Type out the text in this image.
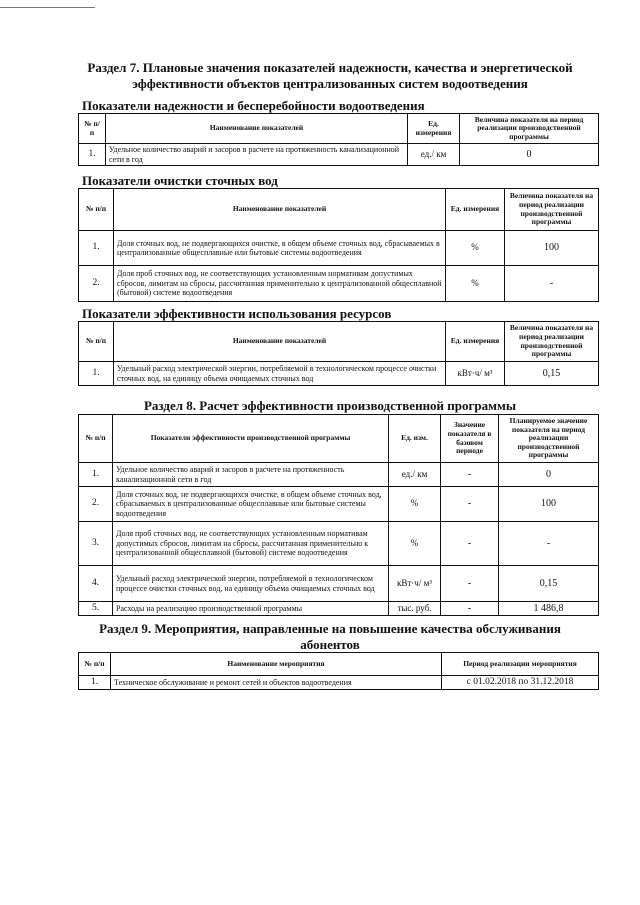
Раздел 7. Плановые значения показателей надежности, качества и энергетической
эффективности объектов централизованных систем водоотведения
Показатели надежности и бесперебойности водоотведения
№ п/п	Наименование показателей	Ед. измерения	Величина показателя на период реализации производственной программы
1.	Удельное количество аварий и засоров в расчете на протяженность канализационной сети в год	ед./ км	0
Показатели очистки сточных вод
№ п/п	Наименование показателей	Ед. измерения	Величина показателя на период реализации производственной программы
1.	Доля сточных вод, не подвергающихся очистке, в общем объеме сточных вод, сбрасываемых в централизованные общесплавные или бытовые системы водоотведения	%	100
2.	Доля проб сточных вод, не соответствующих установленным нормативам допустимых сбросов, лимитам на сбросы, рассчитанная применительно к централизованной общесплавной (бытовой) системе водоотведения	%	-
Показатели эффективности использования ресурсов
№ п/п	Наименование показателей	Ед. измерения	Величина показателя на период реализации производственной программы
1.	Удельный расход электрической энергии, потребляемой в технологическом процессе очистки сточных вод, на единицу объема очищаемых сточных вод	кВт·ч/ м³	0,15
Раздел 8. Расчет эффективности производственной программы
№ п/п	Показатели эффективности производственной программы	Ед. изм.	Значение показателя в базовом периоде	Планируемое значение показателя на период реализации производственной программы
1.	Удельное количество аварий и засоров в расчете на протяженность канализационной сети в год	ед./ км	-	0
2.	Доля сточных вод, не подвергающихся очистке, в общем объеме сточных вод, сбрасываемых в централизованные общесплавные или бытовые системы водоотведения	%	-	100
3.	Доля проб сточных вод, не соответствующих установленным нормативам допустимых сбросов, лимитам на сбросы, рассчитанная применительно к централизованной общесплавной (бытовой) системе водоотведения	%	-	-
4.	Удельный расход электрической энергии, потребляемой в технологическом процессе очистки сточных вод, на единицу объема очищаемых сточных вод	кВт·ч/ м³	-	0,15
5.	Расходы на реализацию производственной программы	тыс. руб.	-	1 486,8
Раздел 9. Мероприятия, направленные на повышение качества обслуживания
абонентов
№ п/п	Наименование мероприятия	Период реализации мероприятия
1.	Техническое обслуживание и ремонт сетей и объектов водоотведения	с 01.02.2018 по 31.12.2018
